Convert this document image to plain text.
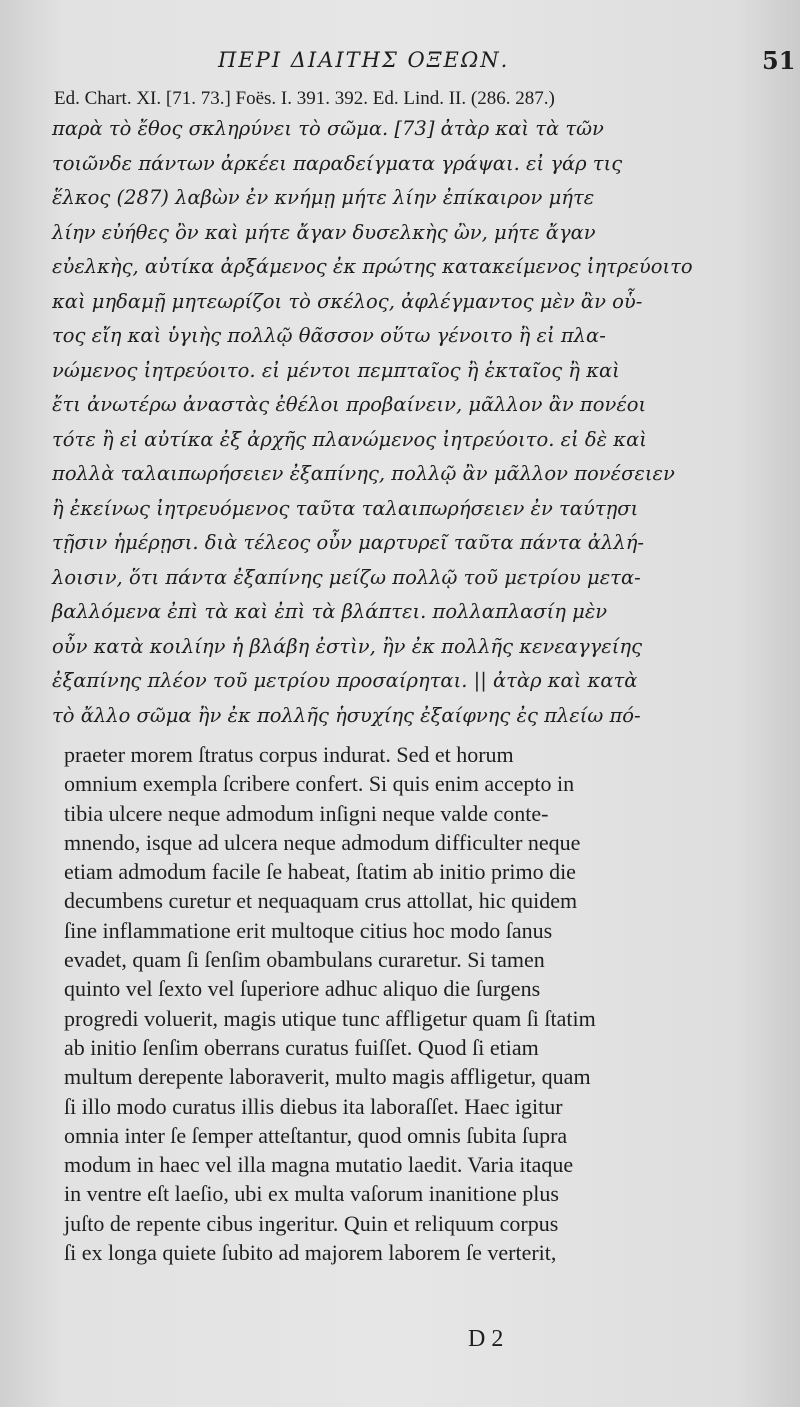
ΠΕΡΙ ΔΙΑΙΤΗΣ ΟΞΕΩΝ.	51
Ed. Chart. XI. [71. 73.] Foës. I. 391. 392. Ed. Lind. II. (286. 287.)
παρὰ τὸ ἔθος σκληρύνει τὸ σῶμα. [73] ἀτὰρ καὶ τὰ τῶν
τοιῶνδε πάντων ἀρκέει παραδείγματα γράψαι. εἰ γάρ τις
ἕλκος (287) λαβὼν ἐν κνήμῃ μήτε λίην ἐπίκαιρον μήτε
λίην εὐήθες ὂν καὶ μήτε ἄγαν δυσελκὴς ὢν, μήτε ἄγαν
εὐελκὴς, αὐτίκα ἀρξάμενος ἐκ πρώτης κατακείμενος ἰητρεύοιτο
καὶ μηδαμῇ μητεωρίζοι τὸ σκέλος, ἀφλέγμαντος μὲν ἂν οὗ-
τος εἴη καὶ ὑγιὴς πολλῷ θᾶσσον οὕτω γένοιτο ἢ εἰ πλα-
νώμενος ἰητρεύοιτο. εἰ μέντοι πεμπταῖος ἢ ἑκταῖος ἢ καὶ
ἔτι ἀνωτέρω ἀναστὰς ἐθέλοι προβαίνειν, μᾶλλον ἂν πονέοι
τότε ἢ εἰ αὐτίκα ἐξ ἀρχῆς πλανώμενος ἰητρεύοιτο. εἰ δὲ καὶ
πολλὰ ταλαιπωρήσειεν ἐξαπίνης, πολλῷ ἂν μᾶλλον πονέσειεν
ἢ ἐκείνως ἰητρευόμενος ταῦτα ταλαιπωρήσειεν ἐν ταύτῃσι
τῇσιν ἡμέρῃσι. διὰ τέλεος οὖν μαρτυρεῖ ταῦτα πάντα ἀλλή-
λοισιν, ὅτι πάντα ἐξαπίνης μείζω πολλῷ τοῦ μετρίου μετα-
βαλλόμενα ἐπὶ τὰ καὶ ἐπὶ τὰ βλάπτει. πολλαπλασίη μὲν
οὖν κατὰ κοιλίην ἡ βλάβη ἐστὶν, ἢν ἐκ πολλῆς κενεαγγείης
ἐξαπίνης πλέον τοῦ μετρίου προσαίρηται. || ἀτὰρ καὶ κατὰ
τὸ ἄλλο σῶμα ἢν ἐκ πολλῆς ἡσυχίης ἐξαίφνης ἐς πλείω πό-
praeter morem ſtratus corpus indurat. Sed et horum
omnium exempla ſcribere confert. Si quis enim accepto in
tibia ulcere neque admodum inſigni neque valde conte-
mnendo, isque ad ulcera neque admodum difficulter neque
etiam admodum facile ſe habeat, ſtatim ab initio primo die
decumbens curetur et nequaquam crus attollat, hic quidem
ſine inflammatione erit multoque citius hoc modo ſanus
evadet, quam ſi ſenſim obambulans curaretur. Si tamen
quinto vel ſexto vel ſuperiore adhuc aliquo die ſurgens
progredi voluerit, magis utique tunc affligetur quam ſi ſtatim
ab initio ſenſim oberrans curatus fuiſſet. Quod ſi etiam
multum derepente laboraverit, multo magis affligetur, quam
ſi illo modo curatus illis diebus ita laboraſſet. Haec igitur
omnia inter ſe ſemper atteſtantur, quod omnis ſubita ſupra
modum in haec vel illa magna mutatio laedit. Varia itaque
in ventre eſt laeſio, ubi ex multa vaſorum inanitione plus
juſto de repente cibus ingeritur. Quin et reliquum corpus
ſi ex longa quiete ſubito ad majorem laborem ſe verterit,
D 2
